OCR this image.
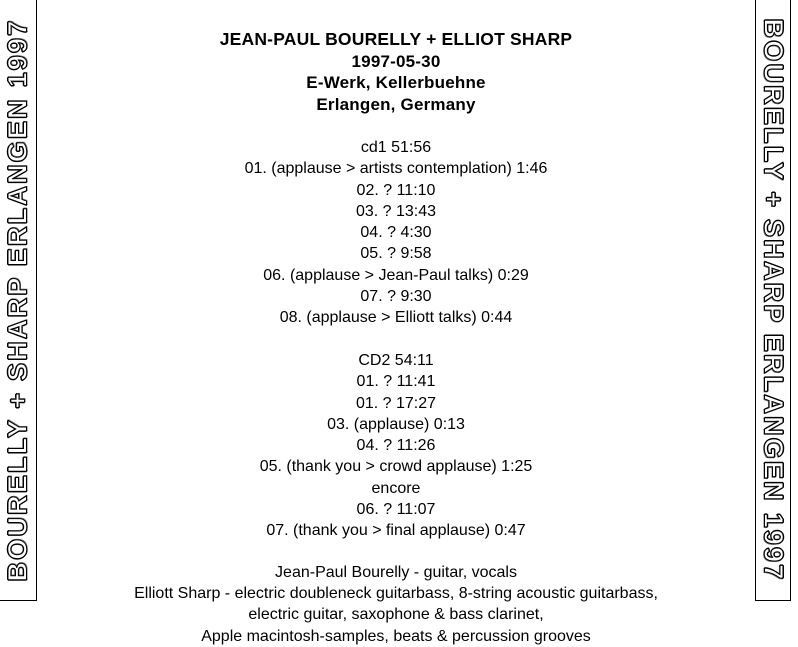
BOURELLY + SHARP ERLANGEN 1997	BOURELLY + SHARP ERLANGEN 1997
JEAN-PAUL BOURELLY + ELLIOT SHARP
1997-05-30
E-Werk, Kellerbuehne
Erlangen, Germany
cd1 51:56
01. (applause > artists contemplation) 1:46
02. ? 11:10
03. ? 13:43
04. ? 4:30
05. ? 9:58
06. (applause > Jean-Paul talks) 0:29
07. ? 9:30
08. (applause > Elliott talks) 0:44
CD2 54:11
01. ? 11:41
01. ? 17:27
03. (applause) 0:13
04. ? 11:26
05. (thank you > crowd applause) 1:25
encore
06. ? 11:07
07. (thank you > final applause) 0:47
Jean-Paul Bourelly - guitar, vocals
Elliott Sharp - electric doubleneck guitarbass, 8-string acoustic guitarbass,
electric guitar, saxophone & bass clarinet,
Apple macintosh-samples, beats & percussion grooves
